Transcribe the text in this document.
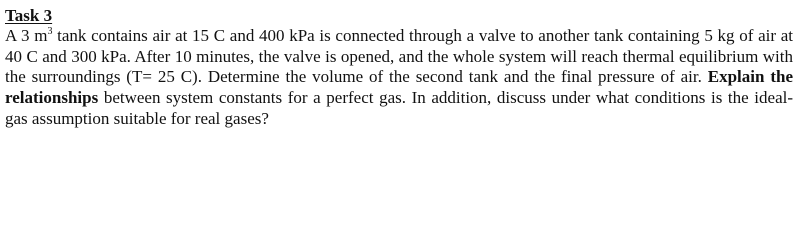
Task 3

A 3 $m^3$ tank contains air at 15 C and 400 kPa is connected through a valve to another tank containing 5 kg of air at 40 C and 300 kPa. After 10 minutes, the valve is opened, and the whole system will reach thermal equilibrium with the surroundings (T= 25 C). Determine the volume of the second tank and the final pressure of air. Explain the relationships between system constants for a perfect gas. In addition, discuss under what conditions is the ideal-gas assumption suitable for real gases?
